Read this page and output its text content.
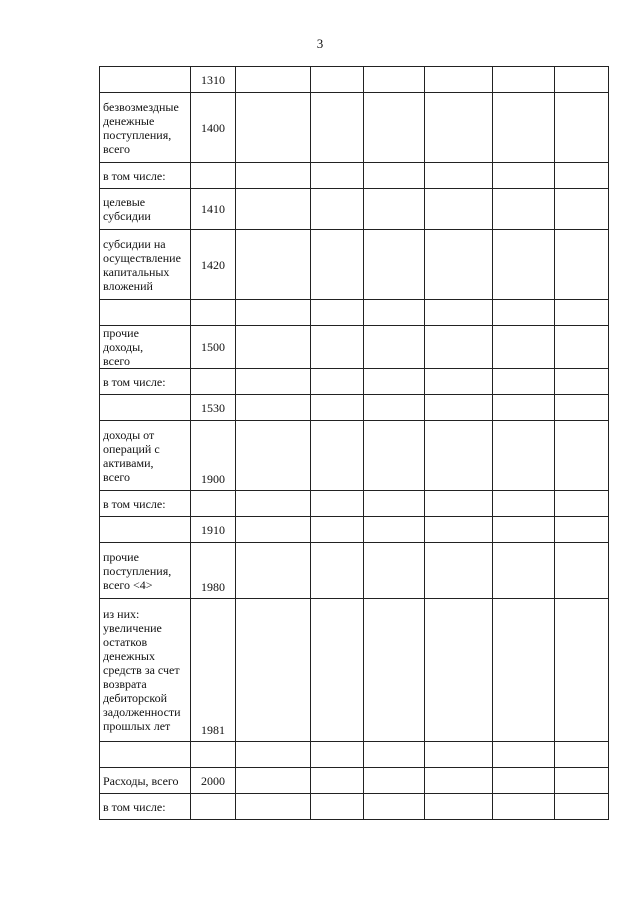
3
	1310						

безвозмездные денежные поступления, всего	1400						

в том числе:							

целевые субсидии	1410						

субсидии на осуществление капитальных вложений	1420						

прочие доходы, всего	1500						

в том числе:							

	1530						

доходы от операций с активами, всего	1900						

в том числе:							

	1910						

прочие поступления, всего <4>	1980						

из них: увеличение остатков денежных средств за счет возврата дебиторской задолженности прошлых лет	1981						

Расходы, всего	2000						

в том числе:							
